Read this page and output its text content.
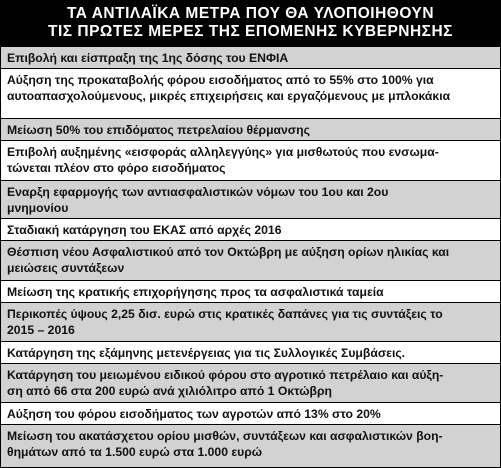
ΤΑ ΑΝΤΙΛΑΪΚΑ ΜΕΤΡΑ ΠΟΥ ΘΑ ΥΛΟΠΟΙΗΘΟΥΝ
ΤΙΣ ΠΡΩΤΕΣ ΜΕΡΕΣ ΤΗΣ ΕΠΟΜΕΝΗΣ ΚΥΒΕΡΝΗΣΗΣ
Επιβολή και είσπραξη της 1ης δόσης του ΕΝΦΙΑ
Αύξηση της προκαταβολής φόρου εισοδήματος από το 55% στο 100% για
αυτοαπασχολούμενους, μικρές επιχειρήσεις και εργαζόμενους με μπλοκάκια
Μείωση 50% του επιδόματος πετρελαίου θέρμανσης
Επιβολή αυξημένης «εισφοράς αλληλεγγύης» για μισθωτούς που ενσωμα-
τώνεται πλέον στο φόρο εισοδήματος
Εναρξη εφαρμογής των αντιασφαλιστικών νόμων του 1ου και 2ου
μνημονίου
Σταδιακή κατάργηση του ΕΚΑΣ από αρχές 2016
Θέσπιση νέου Ασφαλιστικού από τον Οκτώβρη με αύξηση ορίων ηλικίας και
μειώσεις συντάξεων
Μείωση της κρατικής επιχορήγησης προς τα ασφαλιστικά ταμεία
Περικοπές ύψους 2,25 δισ. ευρώ στις κρατικές δαπάνες για τις συντάξεις το
2015 – 2016
Κατάργηση της εξάμηνης μετενέργειας για τις Συλλογικές Συμβάσεις.
Κατάργηση του μειωμένου ειδικού φόρου στο αγροτικό πετρέλαιο και αύξη-
ση από 66 στα 200 ευρώ ανά χιλιόλιτρο από 1 Οκτώβρη
Αύξηση του φόρου εισοδήματος των αγροτών από 13% στο 20%
Μείωση του ακατάσχετου ορίου μισθών, συντάξεων και ασφαλιστικών βοη-
θημάτων από τα 1.500 ευρώ στα 1.000 ευρώ
